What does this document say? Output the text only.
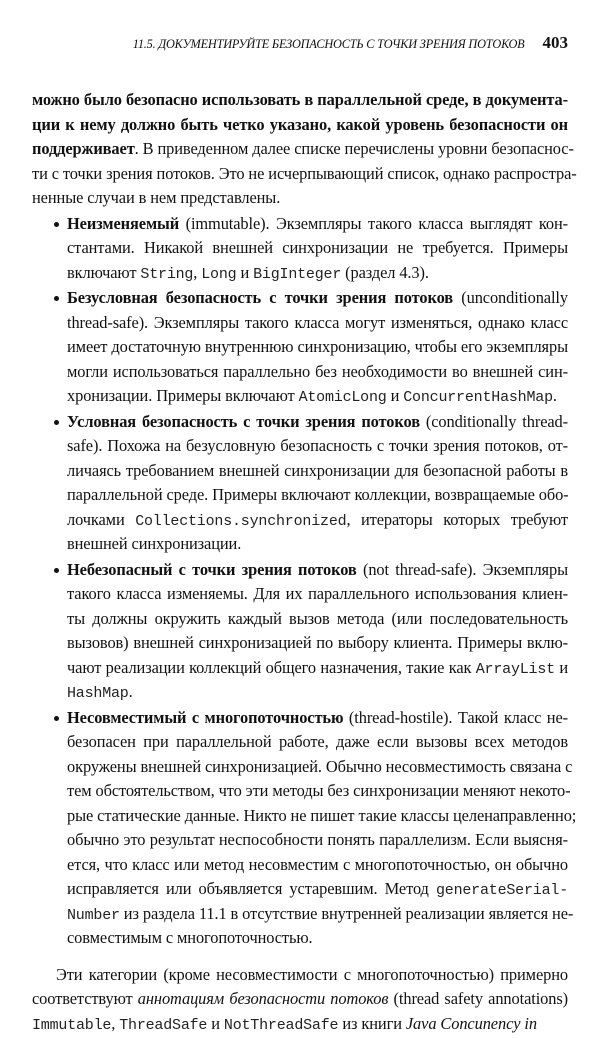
11.5. ДОКУМЕНТИРУЙТЕ БЕЗОПАСНОСТЬ С ТОЧКИ ЗРЕНИЯ ПОТОКОВ 403
можно было безопасно использовать в параллельной среде, в документа-
ции к нему должно быть четко указано, какой уровень безопасности он
поддерживает. В приведенном далее списке перечислены уровни безопаснос-
ти с точки зрения потоков. Это не исчерпывающий список, однако распростра-
ненные случаи в нем представлены.
Неизменяемый (immutable). Экземпляры такого класса выглядят кон-
стантами. Никакой внешней синхронизации не требуется. Примеры
включают String, Long и BigInteger (раздел 4.3).
Безусловная безопасность с точки зрения потоков (unconditionally
thread-safe). Экземпляры такого класса могут изменяться, однако класс
имеет достаточную внутреннюю синхронизацию, чтобы его экземпляры
могли использоваться параллельно без необходимости во внешней син-
хронизации. Примеры включают AtomicLong и ConcurrentHashMap.
Условная безопасность с точки зрения потоков (conditionally thread-
safe). Похожа на безусловную безопасность с точки зрения потоков, от-
личаясь требованием внешней синхронизации для безопасной работы в
параллельной среде. Примеры включают коллекции, возвращаемые обо-
лочками Collections.synchronized, итераторы которых требуют
внешней синхронизации.
Небезопасный с точки зрения потоков (not thread-safe). Экземпляры
такого класса изменяемы. Для их параллельного использования клиен-
ты должны окружить каждый вызов метода (или последовательность
вызовов) внешней синхронизацией по выбору клиента. Примеры вклю-
чают реализации коллекций общего назначения, такие как ArrayList и
HashMap.
Несовместимый с многопоточностью (thread-hostile). Такой класс не-
безопасен при параллельной работе, даже если вызовы всех методов
окружены внешней синхронизацией. Обычно несовместимость связана с
тем обстоятельством, что эти методы без синхронизации меняют некото-
рые статические данные. Никто не пишет такие классы целенаправленно;
обычно это результат неспособности понять параллелизм. Если выясня-
ется, что класс или метод несовместим с многопоточностью, он обычно
исправляется или объявляется устаревшим. Метод generateSerial-
Number из раздела 11.1 в отсутствие внутренней реализации является не-
совместимым с многопоточностью.
Эти категории (кроме несовместимости с многопоточностью) примерно
соответствуют аннотациям безопасности потоков (thread safety annotations)
Immutable, ThreadSafe и NotThreadSafe из книги Java Concunency in
